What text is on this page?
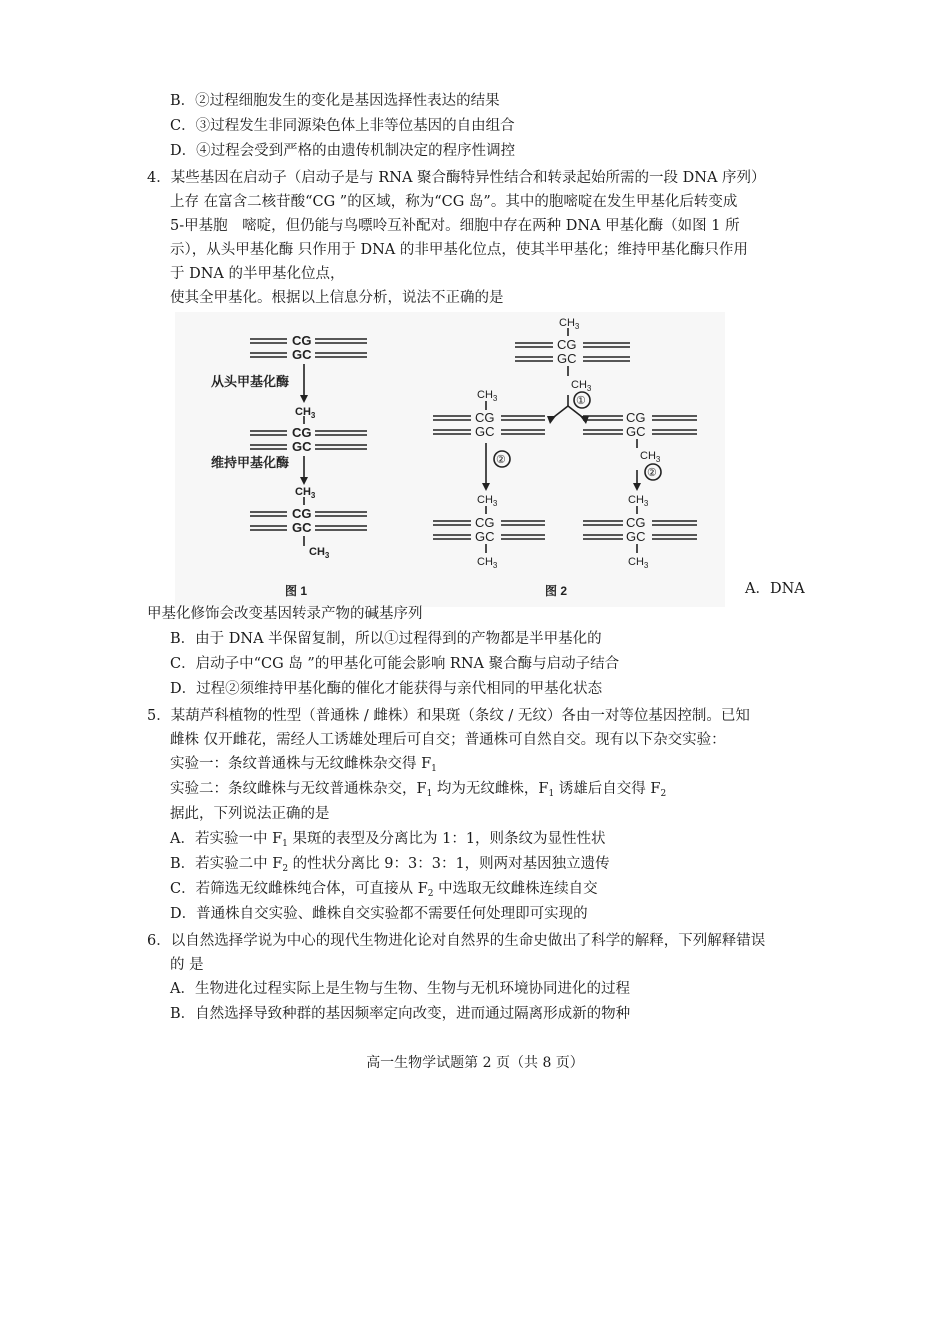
B．②过程细胞发生的变化是基因选择性表达的结果
C．③过程发生非同源染色体上非等位基因的自由组合
D．④过程会受到严格的由遗传机制决定的程序性调控
4．某些基因在启动子（启动子是与 RNA 聚合酶特异性结合和转录起始所需的一段 DNA 序列）
上存 在富含二核苷酸“CG ”的区域，称为“CG 岛”。其中的胞嘧啶在发生甲基化后转变成
5-甲基胞　嘧啶，但仍能与鸟嘌呤互补配对。细胞中存在两种 DNA 甲基化酶（如图 1 所
示），从头甲基化酶 只作用于 DNA 的非甲基化位点，使其半甲基化；维持甲基化酶只作用
于 DNA 的半甲基化位点，
使其全甲基化。根据以上信息分析，说法不正确的是
CG
GC
从头甲基化酶
$CH_3$
CG
GC
维持甲基化酶
$CH_3$
CG
GC
$CH_3$
图 1
$CH_3$
CG
GC
$CH_3$
①
$CH_3$
CG
GC
②
CG
GC
$CH_3$
②
$CH_3$
CG
GC
$CH_3$
$CH_3$
CG
GC
$CH_3$
图 2	A．DNA
甲基化修饰会改变基因转录产物的碱基序列
B．由于 DNA 半保留复制，所以①过程得到的产物都是半甲基化的
C．启动子中“CG 岛 ”的甲基化可能会影响 RNA 聚合酶与启动子结合
D．过程②须维持甲基化酶的催化才能获得与亲代相同的甲基化状态
5．某葫芦科植物的性型（普通株 / 雌株）和果斑（条纹 / 无纹）各由一对等位基因控制。已知
雌株 仅开雌花，需经人工诱雄处理后可自交；普通株可自然自交。现有以下杂交实验：
实验一：条纹普通株与无纹雌株杂交得 $F_1$
实验二：条纹雌株与无纹普通株杂交，$F_1$ 均为无纹雌株，$F_1$ 诱雄后自交得 $F_2$
据此，下列说法正确的是
A．若实验一中 $F_1$ 果斑的表型及分离比为 1：1，则条纹为显性性状
B．若实验二中 $F_2$ 的性状分离比 9：3：3：1，则两对基因独立遗传
C．若筛选无纹雌株纯合体，可直接从 $F_2$ 中选取无纹雌株连续自交
D．普通株自交实验、雌株自交实验都不需要任何处理即可实现的
6．以自然选择学说为中心的现代生物进化论对自然界的生命史做出了科学的解释，下列解释错误
的 是
A．生物进化过程实际上是生物与生物、生物与无机环境协同进化的过程
B．自然选择导致种群的基因频率定向改变，进而通过隔离形成新的物种
高一生物学试题第 2 页（共 8 页）
